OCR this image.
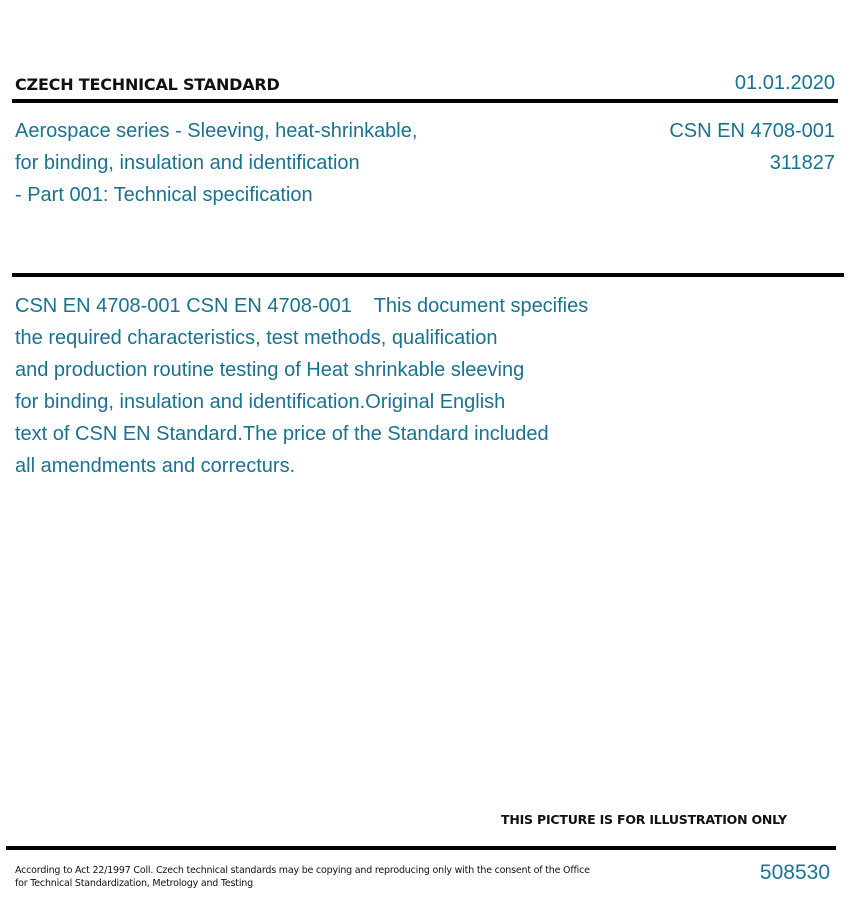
CZECH TECHNICAL STANDARD	01.01.2020
Aerospace series - Sleeving, heat-shrinkable,
for binding, insulation and identification
- Part 001: Technical specification
CSN EN 4708-001
311827
CSN EN 4708-001 CSN EN 4708-001    This document specifies
the required characteristics, test methods, qualification
and production routine testing of Heat shrinkable sleeving
for binding, insulation and identification.Original English
text of CSN EN Standard.The price of the Standard included
all amendments and correcturs.
THIS PICTURE IS FOR ILLUSTRATION ONLY
According to Act 22/1997 Coll. Czech technical standards may be copying and reproducing only with the consent of the Office
for Technical Standardization, Metrology and Testing	508530
